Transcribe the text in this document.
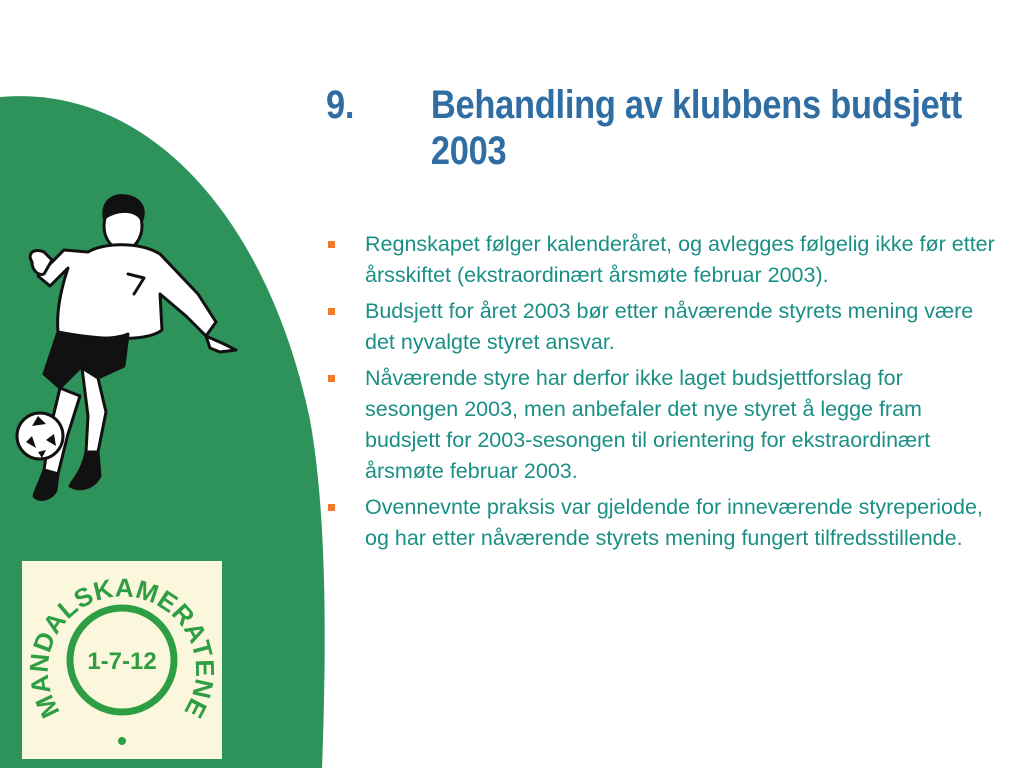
9. Behandling av klubbens budsjett 2003
Regnskapet følger kalenderåret, og avlegges følgelig ikke før etter årsskiftet (ekstraordinært årsmøte februar 2003).
Budsjett for året 2003 bør etter nåværende styrets mening være det nyvalgte styret ansvar.
Nåværende styre har derfor ikke laget budsjettforslag for sesongen 2003, men anbefaler det nye styret å legge fram budsjett for 2003-sesongen til orientering for ekstraordinært årsmøte februar 2003.
Ovennevnte praksis var gjeldende for inneværende styreperiode, og har etter nåværende styrets mening fungert tilfredsstillende.
MANDALSKAMERATENE
1-7-12
